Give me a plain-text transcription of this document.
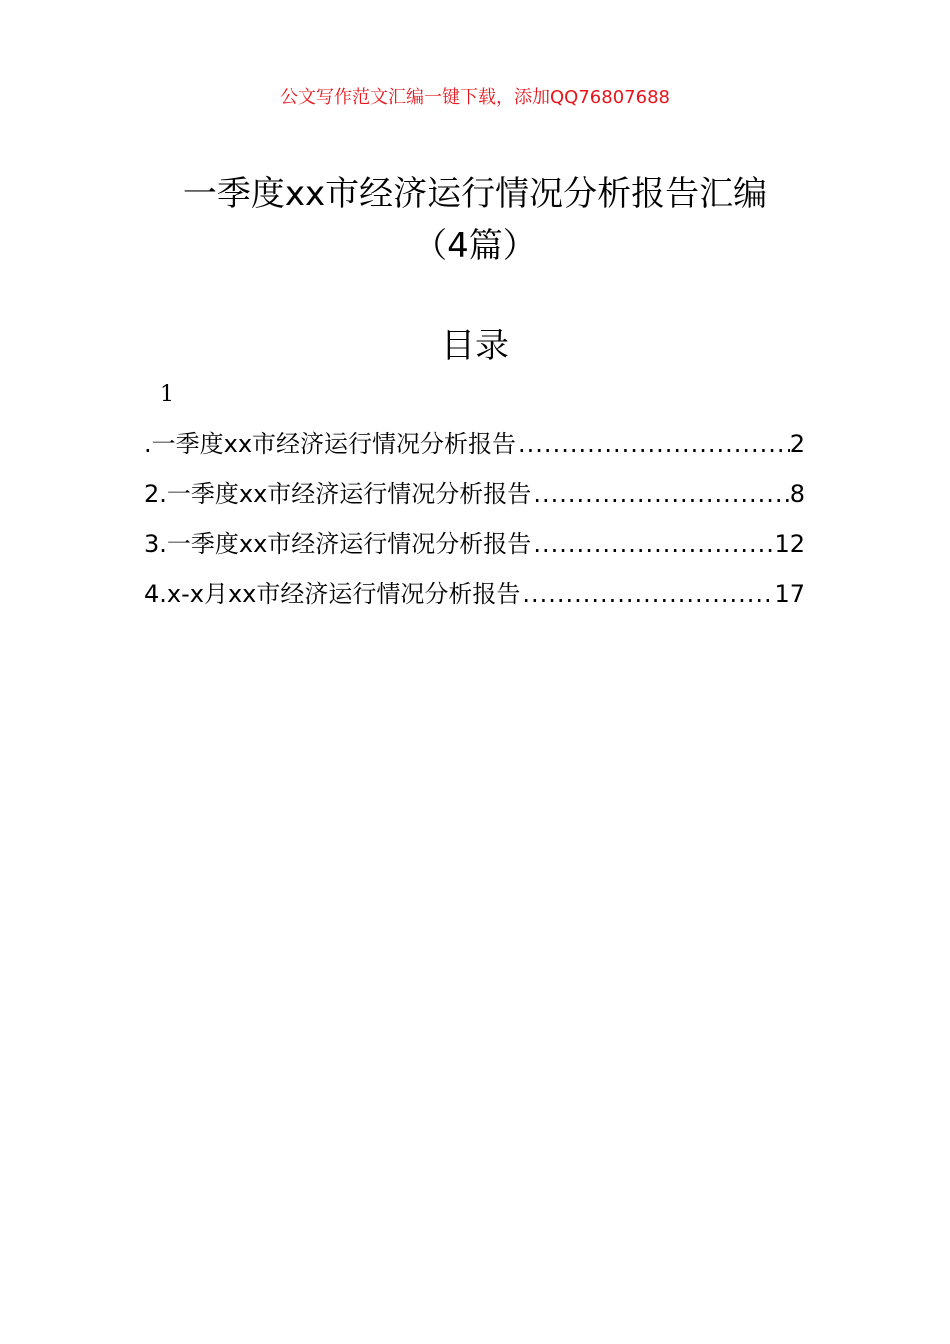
公文写作范文汇编一键下载，添加QQ76807688
一季度xx市经济运行情况分析报告汇编
（4篇）
目录
1
.一季度xx市经济运行情况分析报告 .....	2
2.一季度xx市经济运行情况分析报告 .....	8
3.一季度xx市经济运行情况分析报告 .....	12
4.x-x月xx市经济运行情况分析报告 .....	17
